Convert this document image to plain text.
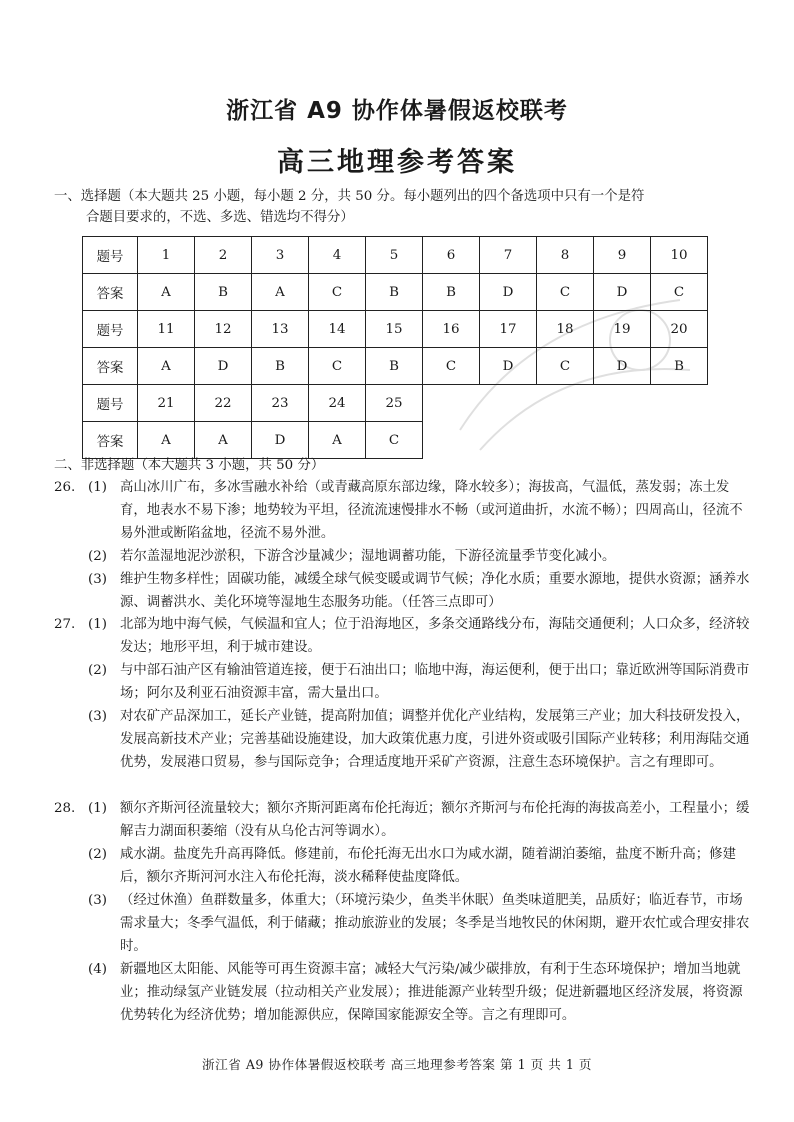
浙江省 A9 协作体暑假返校联考
高三地理参考答案
一、选择题（本大题共 25 小题，每小题 2 分，共 50 分。每小题列出的四个备选项中只有一个是符
合题目要求的，不选、多选、错选均不得分）
题号	1	2	3	4	5	6	7	8	9	10
答案	A	B	A	C	B	B	D	C	D	C
题号	11	12	13	14	15	16	17	18	19	20
答案	A	D	B	C	B	C	D	C	D	B
题号	21	22	23	24	25					
答案	A	A	D	A	C					
二、非选择题（本大题共 3 小题，共 50 分）
26. (1) 高山冰川广布，多冰雪融水补给（或青藏高原东部边缘，降水较多）；海拔高，气温低，蒸发弱；冻土发育，地表水不易下渗；地势较为平坦，径流流速慢排水不畅（或河道曲折，水流不畅）；四周高山，径流不易外泄或断陷盆地，径流不易外泄。
(2) 若尔盖湿地泥沙淤积，下游含沙量减少；湿地调蓄功能，下游径流量季节变化减小。
(3) 维护生物多样性；固碳功能，减缓全球气候变暖或调节气候；净化水质；重要水源地，提供水资源；涵养水源、调蓄洪水、美化环境等湿地生态服务功能。（任答三点即可）
27. (1) 北部为地中海气候，气候温和宜人；位于沿海地区，多条交通路线分布，海陆交通便利；人口众多，经济较发达；地形平坦，利于城市建设。
(2) 与中部石油产区有输油管道连接，便于石油出口；临地中海，海运便利，便于出口；靠近欧洲等国际消费市场；阿尔及利亚石油资源丰富，需大量出口。
(3) 对农矿产品深加工，延长产业链，提高附加值；调整并优化产业结构，发展第三产业；加大科技研发投入，发展高新技术产业；完善基础设施建设，加大政策优惠力度，引进外资或吸引国际产业转移；利用海陆交通优势，发展港口贸易，参与国际竞争；合理适度地开采矿产资源，注意生态环境保护。言之有理即可。
28. (1) 额尔齐斯河径流量较大；额尔齐斯河距离布伦托海近；额尔齐斯河与布伦托海的海拔高差小，工程量小；缓解吉力湖面积萎缩（没有从乌伦古河等调水）。
(2) 咸水湖。盐度先升高再降低。修建前，布伦托海无出水口为咸水湖，随着湖泊萎缩，盐度不断升高；修建后，额尔齐斯河河水注入布伦托海，淡水稀释使盐度降低。
(3) （经过休渔）鱼群数量多，体重大；（环境污染少，鱼类半休眠）鱼类味道肥美，品质好；临近春节，市场需求量大；冬季气温低，利于储藏；推动旅游业的发展；冬季是当地牧民的休闲期，避开农忙或合理安排农时。
(4) 新疆地区太阳能、风能等可再生资源丰富；减轻大气污染/减少碳排放，有利于生态环境保护；增加当地就业；推动绿氢产业链发展（拉动相关产业发展）；推进能源产业转型升级；促进新疆地区经济发展，将资源优势转化为经济优势；增加能源供应，保障国家能源安全等。言之有理即可。
浙江省 A9 协作体暑假返校联考 高三地理参考答案 第 1 页 共 1 页
